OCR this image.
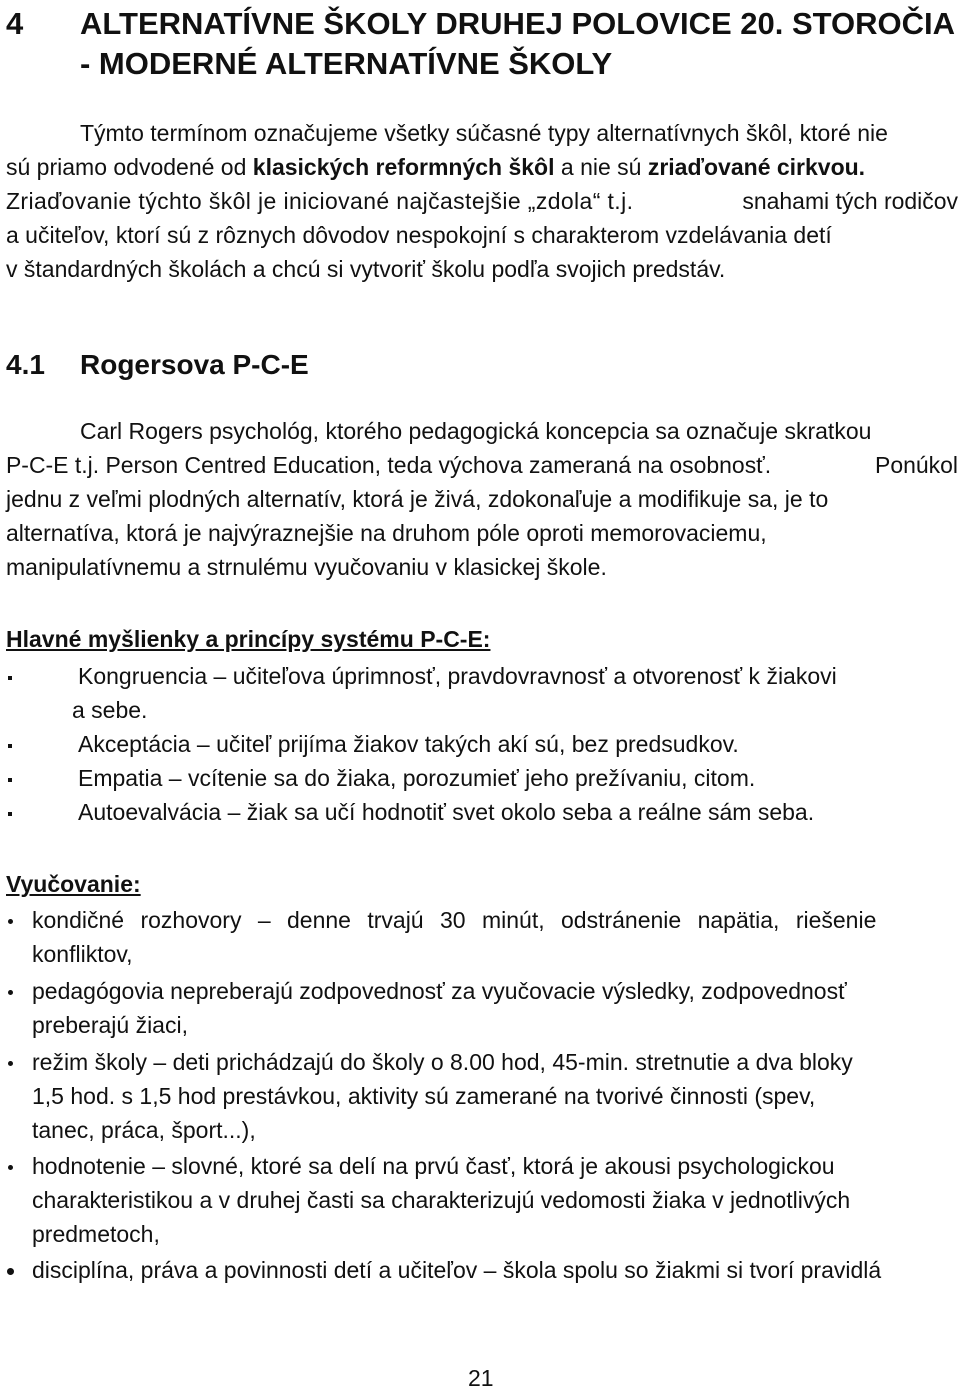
4 ALTERNATÍVNE ŠKOLY DRUHEJ POLOVICE 20. STOROČIA
- MODERNÉ ALTERNATÍVNE ŠKOLY
Týmto termínom označujeme všetky súčasné typy alternatívnych škôl, ktoré nie
sú priamo odvodené od klasických reformných škôl a nie sú zriaďované cirkvou.
Zriaďovanie týchto škôl je iniciované najčastejšie „zdola“ t.j.	snahami tých rodičov
a učiteľov, ktorí sú z rôznych dôvodov nespokojní s charakterom vzdelávania detí
v štandardných školách a chcú si vytvoriť školu podľa svojich predstáv.
4.1 Rogersova P-C-E
Carl Rogers psychológ, ktorého pedagogická koncepcia sa označuje skratkou
P-C-E t.j. Person Centred Education, teda výchova zameraná na osobnosť.	Ponúkol
jednu z veľmi plodných alternatív, ktorá je živá, zdokonaľuje a modifikuje sa, je to
alternatíva, ktorá je najvýraznejšie na druhom póle oproti memorovaciemu,
manipulatívnemu a strnulému vyučovaniu v klasickej škole.
Hlavné myšlienky a princípy systému P-C-E:
Kongruencia – učiteľova úprimnosť, pravdovravnosť a otvorenosť k žiakovi
a sebe.
Akceptácia – učiteľ prijíma žiakov takých akí sú, bez predsudkov.
Empatia – vcítenie sa do žiaka, porozumieť jeho prežívaniu, citom.
Autoevalvácia – žiak sa učí hodnotiť svet okolo seba a reálne sám seba.
Vyučovanie:
kondičné rozhovory – denne trvajú 30 minút, odstránenie napätia, riešenie
konfliktov,
pedagógovia nepreberajú zodpovednosť za vyučovacie výsledky, zodpovednosť
preberajú žiaci,
režim školy – deti prichádzajú do školy o 8.00 hod, 45-min. stretnutie a dva bloky
1,5 hod. s 1,5 hod prestávkou, aktivity sú zamerané na tvorivé činnosti (spev,
tanec, práca, šport...),
hodnotenie – slovné, ktoré sa delí na prvú časť, ktorá je akousi psychologickou
charakteristikou a v druhej časti sa charakterizujú vedomosti žiaka v jednotlivých
predmetoch,
disciplína, práva a povinnosti detí a učiteľov – škola spolu so žiakmi si tvorí pravidlá
21
